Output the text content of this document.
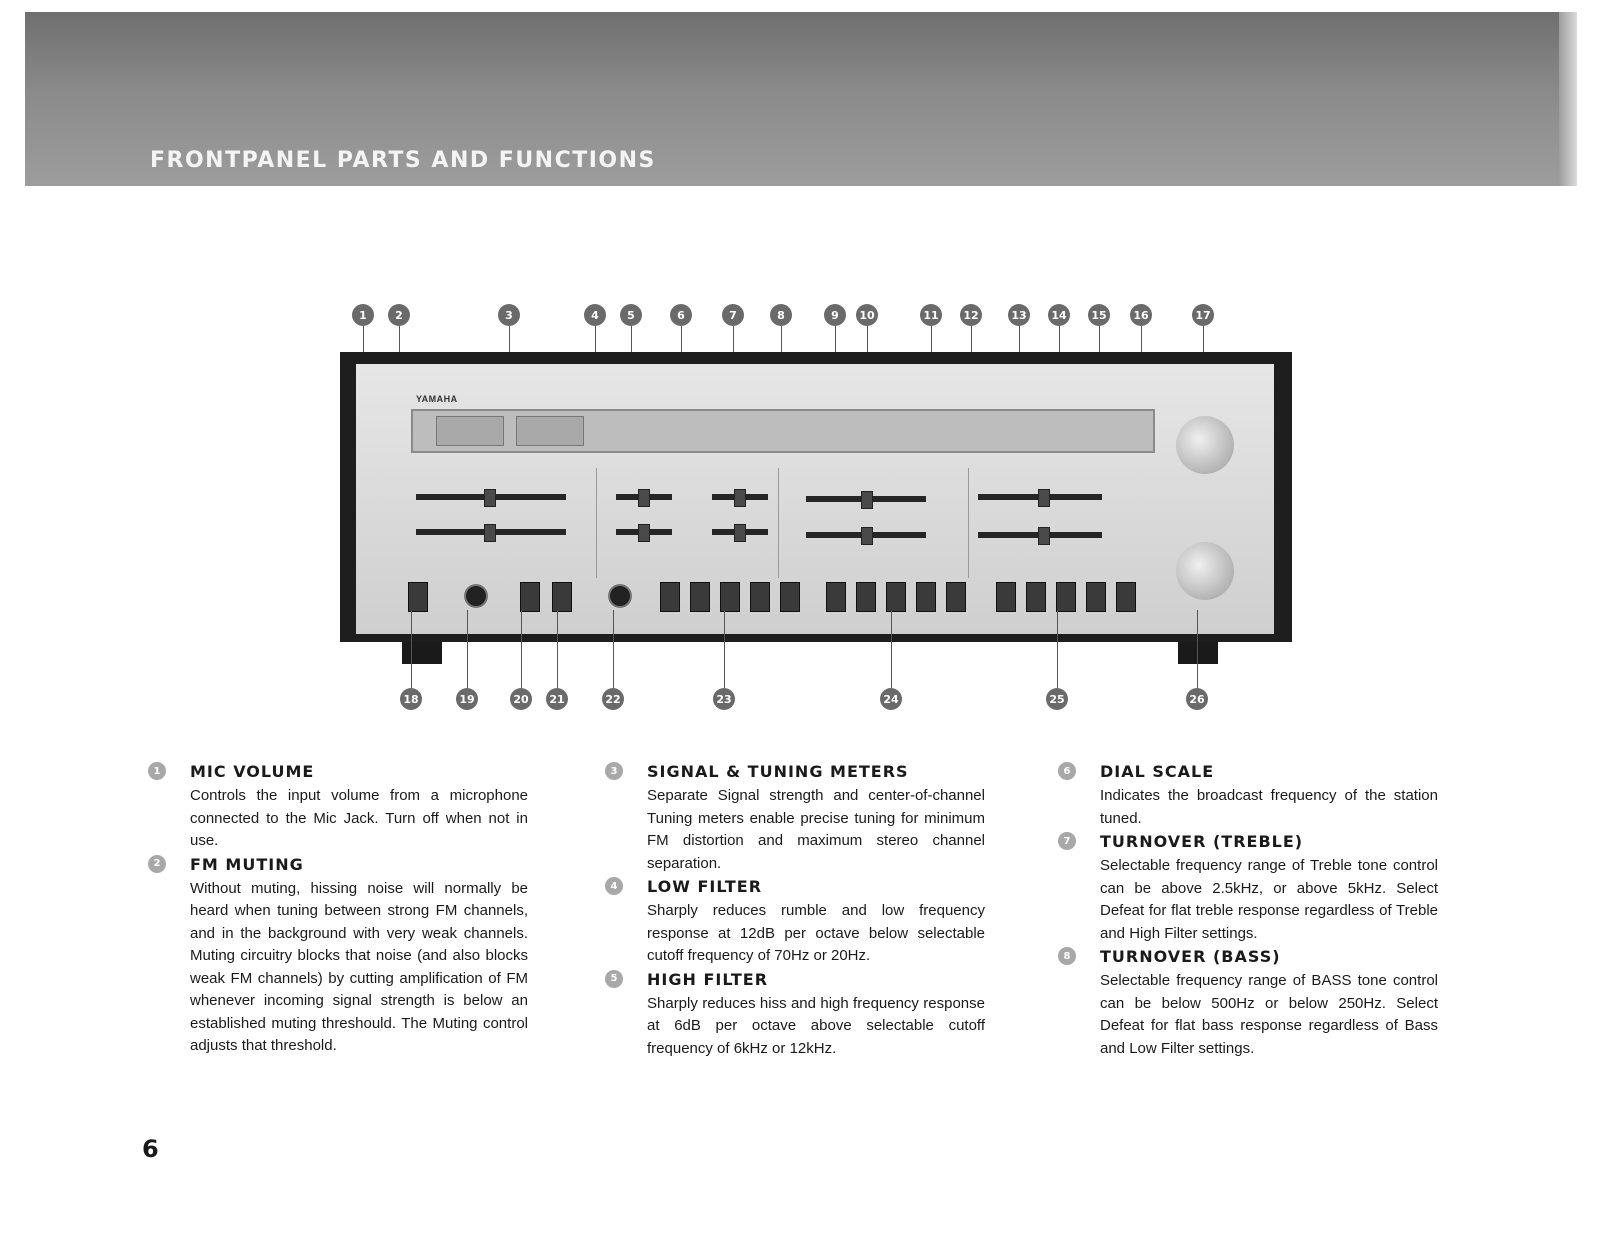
FRONTPANEL PARTS AND FUNCTIONS
1	2	3	4	5	6	7	8	9	10	11	12	13	14	15	16	17
YAMAHA
18	19	20	21	22	23	24	25	26
1	MIC VOLUME

Controls the input volume from a microphone connected to the Mic Jack. Turn off when not in use.

2	FM MUTING

Without muting, hissing noise will normally be heard when tuning between strong FM channels, and in the background with very weak channels. Muting circuitry blocks that noise (and also blocks weak FM channels) by cutting amplification of FM whenever incoming signal strength is below an established muting threshould. The Muting control adjusts that threshold.

3	SIGNAL & TUNING METERS

Separate Signal strength and center-of-channel Tuning meters enable precise tuning for minimum FM distortion and maximum stereo channel separation.

4	LOW FILTER

Sharply reduces rumble and low frequency response at 12dB per octave below selectable cutoff frequency of 70Hz or 20Hz.

5	HIGH FILTER

Sharply reduces hiss and high frequency response at 6dB per octave above selectable cutoff frequency of 6kHz or 12kHz.

6	DIAL SCALE

Indicates the broadcast frequency of the station tuned.

7	TURNOVER (TREBLE)

Selectable frequency range of Treble tone control can be above 2.5kHz, or above 5kHz. Select Defeat for flat treble response regardless of Treble and High Filter settings.

8	TURNOVER (BASS)

Selectable frequency range of BASS tone control can be below 500Hz or below 250Hz. Select Defeat for flat bass response regardless of Bass and Low Filter settings.

6
